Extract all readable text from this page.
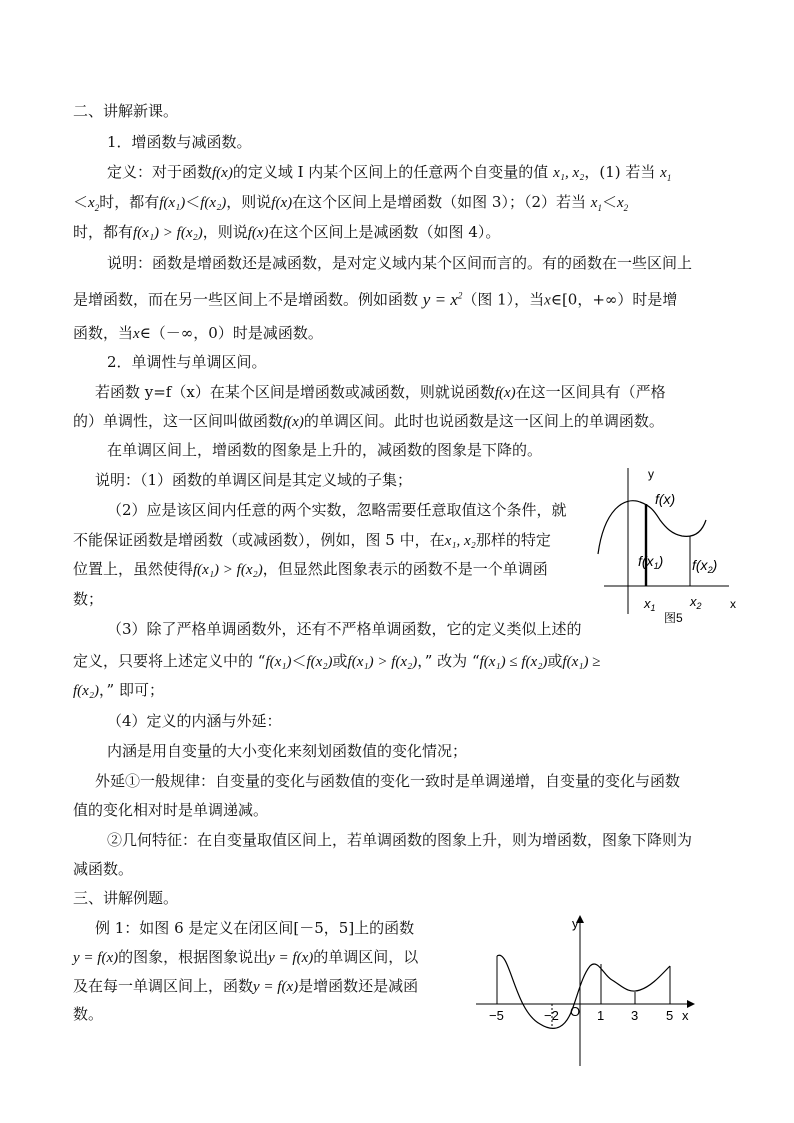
二、讲解新课。
1．增函数与减函数。
定义：对于函数f(x)的定义域 I 内某个区间上的任意两个自变量的值 x₁, x₂，(1) 若当 $x_1$
$<x_2$时，都有f(x₁)＜f(x₂)，则说f(x)在这个区间上是增函数（如图 3）；（2）若当 $x_1<x_2$
时，都有f(x₁) > f(x₂)，则说f(x)在这个区间上是减函数（如图 4）。
说明：函数是增函数还是减函数，是对定义域内某个区间而言的。有的函数在一些区间上
是增函数，而在另一些区间上不是增函数。例如函数 $y = x^2$（图 1），当x∈[0，+∞）时是增
函数，当x∈（－∞，0）时是减函数。
2．单调性与单调区间。
若函数 y=f（x）在某个区间是增函数或减函数，则就说函数f(x)在这一区间具有（严格
的）单调性，这一区间叫做函数f(x)的单调区间。此时也说函数是这一区间上的单调函数。
在单调区间上，增函数的图象是上升的，减函数的图象是下降的。
说明：（1）函数的单调区间是其定义域的子集；
（2）应是该区间内任意的两个实数，忽略需要任意取值这个条件，就
不能保证函数是增函数（或减函数），例如，图 5 中，在x₁, x₂那样的特定
位置上，虽然使得f(x₁) > f(x₂)，但显然此图象表示的函数不是一个单调函
数；
（3）除了严格单调函数外，还有不严格单调函数，它的定义类似上述的
定义，只要将上述定义中的 “f(x₁)＜f(x₂)或f(x₁) > f(x₂)，” 改为 “f(x₁) ≤ f(x₂)或f(x₁) ≥
f(x₂)，” 即可；
（4）定义的内涵与外延：
内涵是用自变量的大小变化来刻划函数值的变化情况；
外延①一般规律：自变量的变化与函数值的变化一致时是单调递增，自变量的变化与函数
值的变化相对时是单调递减。
②几何特征：在自变量取值区间上，若单调函数的图象上升，则为增函数，图象下降则为
减函数。
三、讲解例题。
例 1：如图 6 是定义在闭区间[－5，5]上的函数
y = f(x)的图象，根据图象说出y = f(x)的单调区间，以
及在每一单调区间上，函数y = f(x)是增函数还是减函
数。
y
x
f(x)
$f(x_1)$ $f(x_2)$
$x_1$	$x_2$
图5
y
x
O
−5	−2	1 3 5
